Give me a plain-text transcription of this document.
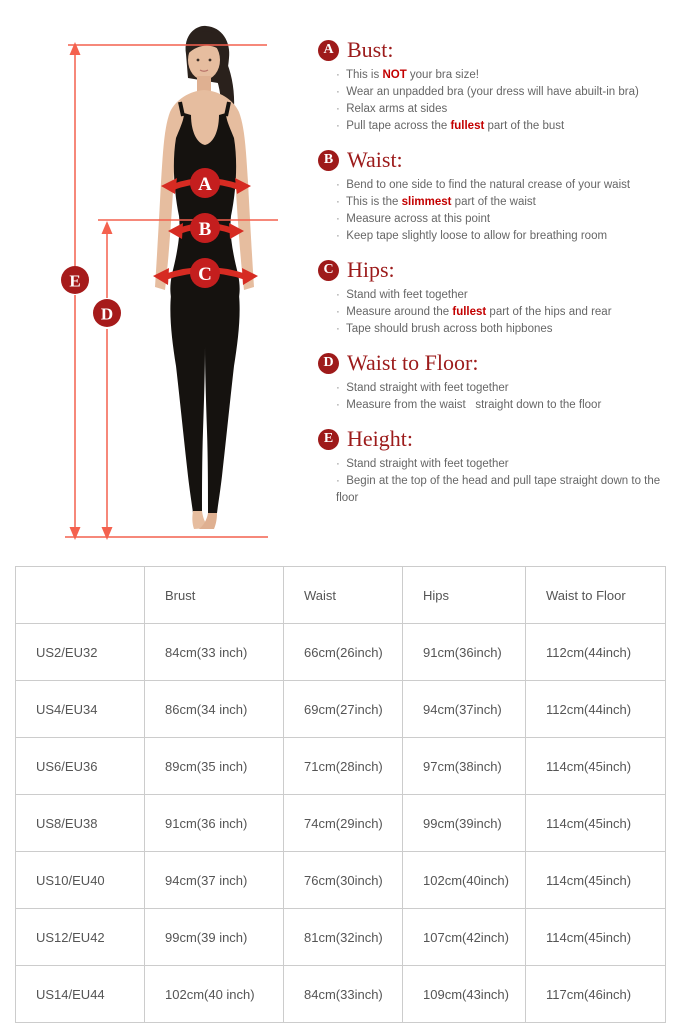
A
B
C
D
E
A Bust:
·  This is NOT your bra size!
·  Wear an unpadded bra (your dress will have abuilt-in bra)
·  Relax arms at sides
·  Pull tape across the fullest part of the bust
B Waist:
·  Bend to one side to find the natural crease of your waist
·  This is the slimmest part of the waist
·  Measure across at this point
·  Keep tape slightly loose to allow for breathing room
C Hips:
·  Stand with feet together
·  Measure around the fullest part of the hips and rear
·  Tape should brush across both hipbones
D Waist to Floor:
·  Stand straight with feet together
·  Measure from the waist   straight down to the floor
E Height:
·  Stand straight with feet together
·  Begin at the top of the head and pull tape straight down to the floor
	Brust	Waist	Hips	Waist to Floor
US2/EU32	84cm(33 inch)	66cm(26inch)	91cm(36inch)	112cm(44inch)
US4/EU34	86cm(34 inch)	69cm(27inch)	94cm(37inch)	112cm(44inch)
US6/EU36	89cm(35 inch)	71cm(28inch)	97cm(38inch)	114cm(45inch)
US8/EU38	91cm(36 inch)	74cm(29inch)	99cm(39inch)	114cm(45inch)
US10/EU40	94cm(37 inch)	76cm(30inch)	102cm(40inch)	114cm(45inch)
US12/EU42	99cm(39 inch)	81cm(32inch)	107cm(42inch)	114cm(45inch)
US14/EU44	102cm(40 inch)	84cm(33inch)	109cm(43inch)	117cm(46inch)
